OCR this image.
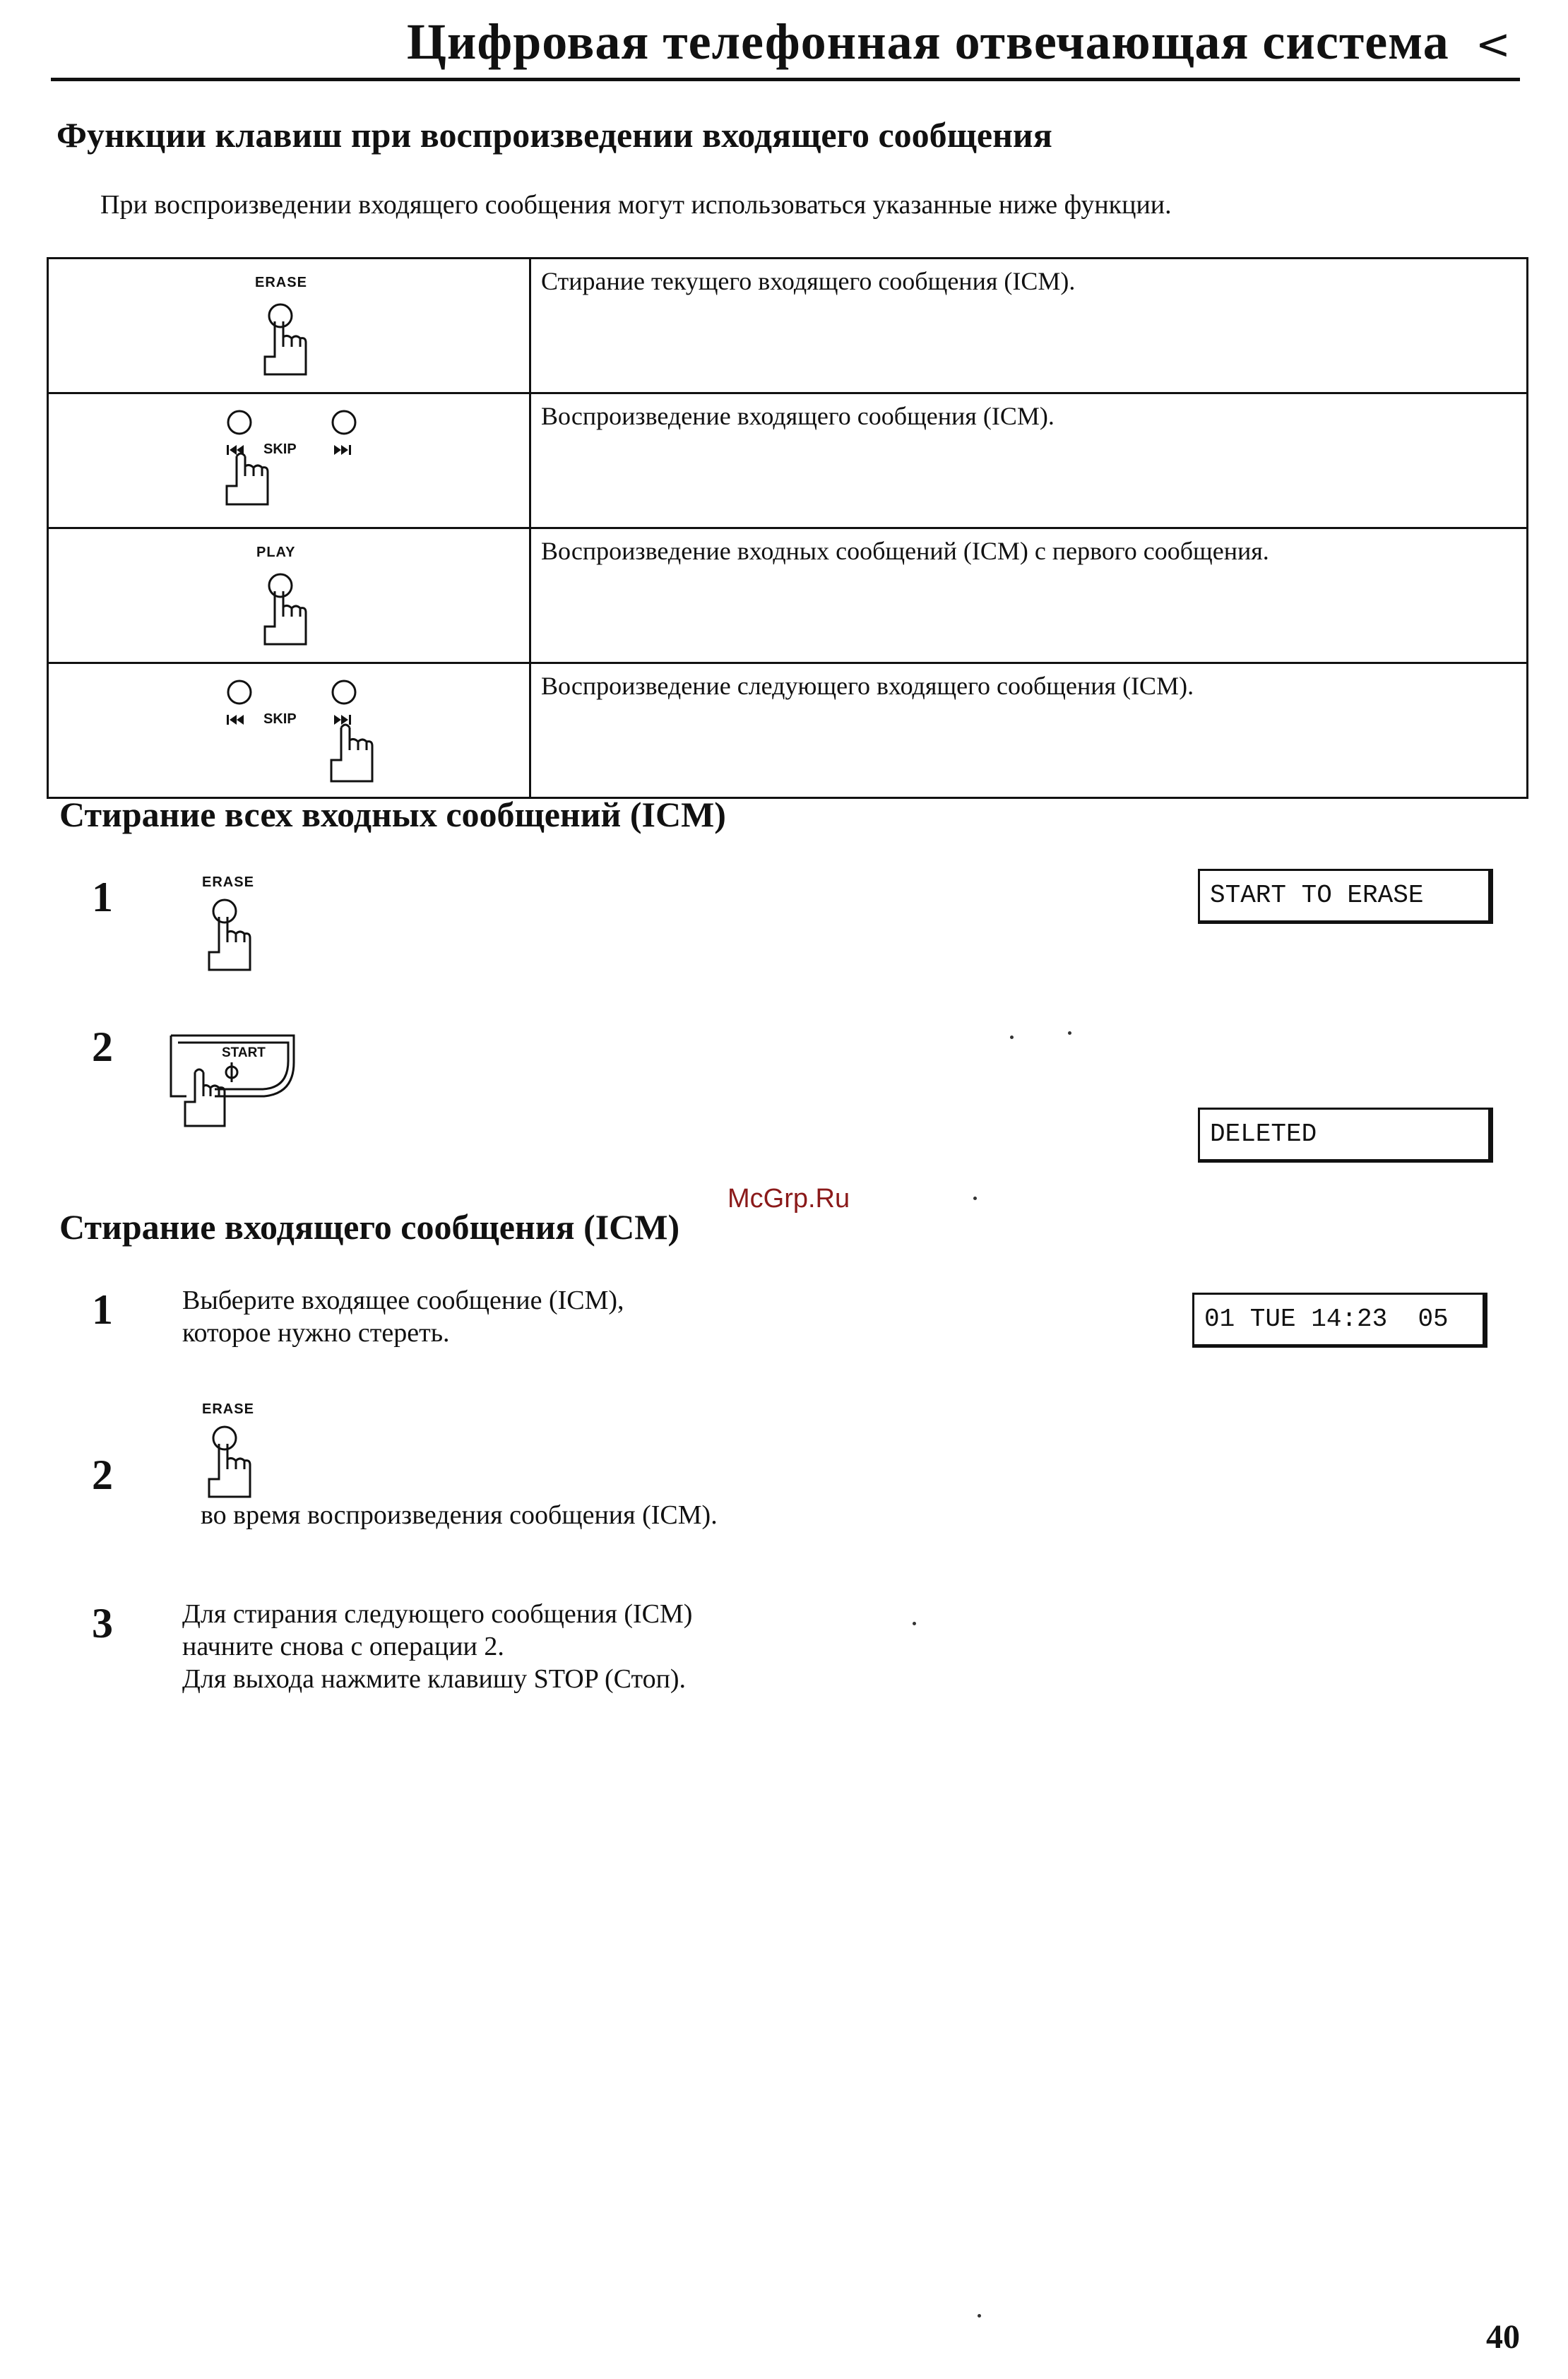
Цифровая телефонная отвечающая система <
Функции клавиш при воспроизведении входящего сообщения
При воспроизведении входящего сообщения могут использоваться указанные ниже функции.
ERASE	Стирание текущего входящего сообщения (ICM).

SKIP	Воспроизведение входящего сообщения (ICM).

PLAY	Воспроизведение входных сообщений (ICM) с первого сообщения.

SKIP	Воспроизведение следующего входящего сообщения (ICM).
Стирание всех входных сообщений (ICM)
1	ERASE	START TO ERASE
2	START
DELETED
McGrp.Ru
Стирание входящего сообщения (ICM)
1	Выберите входящее сообщение (ICM),
которое нужно стереть.	01 TUE 14:23  05
ERASE
2
во время воспроизведения сообщения (ICM).
3	Для стирания следующего сообщения (ICM)
начните снова с операции 2.
Для выхода нажмите клавишу STOP (Стоп).
40
